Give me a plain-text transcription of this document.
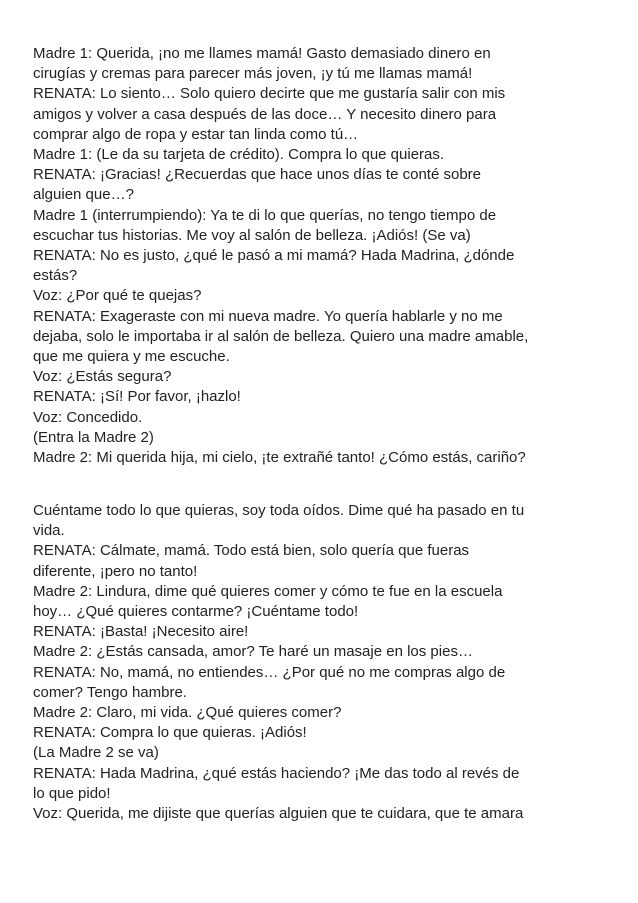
Madre 1: Querida, ¡no me llames mamá! Gasto demasiado dinero en
cirugías y cremas para parecer más joven, ¡y tú me llamas mamá!
RENATA: Lo siento… Solo quiero decirte que me gustaría salir con mis
amigos y volver a casa después de las doce… Y necesito dinero para
comprar algo de ropa y estar tan linda como tú…
Madre 1: (Le da su tarjeta de crédito). Compra lo que quieras.
RENATA: ¡Gracias! ¿Recuerdas que hace unos días te conté sobre
alguien que…?
Madre 1 (interrumpiendo): Ya te di lo que querías, no tengo tiempo de
escuchar tus historias. Me voy al salón de belleza. ¡Adiós! (Se va)
RENATA: No es justo, ¿qué le pasó a mi mamá? Hada Madrina, ¿dónde
estás?
Voz: ¿Por qué te quejas?
RENATA: Exageraste con mi nueva madre. Yo quería hablarle y no me
dejaba, solo le importaba ir al salón de belleza. Quiero una madre amable,
que me quiera y me escuche.
Voz: ¿Estás segura?
RENATA: ¡Sí! Por favor, ¡hazlo!
Voz: Concedido.
(Entra la Madre 2)
Madre 2: Mi querida hija, mi cielo, ¡te extrañé tanto! ¿Cómo estás, cariño?
Cuéntame todo lo que quieras, soy toda oídos. Dime qué ha pasado en tu
vida.
RENATA: Cálmate, mamá. Todo está bien, solo quería que fueras
diferente, ¡pero no tanto!
Madre 2: Lindura, dime qué quieres comer y cómo te fue en la escuela
hoy… ¿Qué quieres contarme? ¡Cuéntame todo!
RENATA: ¡Basta! ¡Necesito aire!
Madre 2: ¿Estás cansada, amor? Te haré un masaje en los pies…
RENATA: No, mamá, no entiendes… ¿Por qué no me compras algo de
comer? Tengo hambre.
Madre 2: Claro, mi vida. ¿Qué quieres comer?
RENATA: Compra lo que quieras. ¡Adiós!
(La Madre 2 se va)
RENATA: Hada Madrina, ¿qué estás haciendo? ¡Me das todo al revés de
lo que pido!
Voz: Querida, me dijiste que querías alguien que te cuidara, que te amara
